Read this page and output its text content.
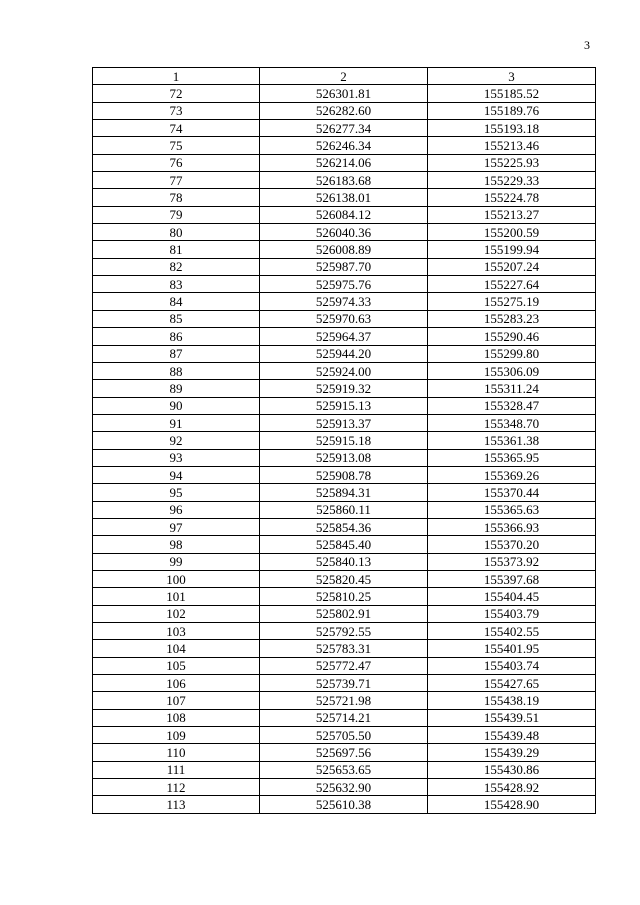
3
1	2	3
72	526301.81	155185.52
73	526282.60	155189.76
74	526277.34	155193.18
75	526246.34	155213.46
76	526214.06	155225.93
77	526183.68	155229.33
78	526138.01	155224.78
79	526084.12	155213.27
80	526040.36	155200.59
81	526008.89	155199.94
82	525987.70	155207.24
83	525975.76	155227.64
84	525974.33	155275.19
85	525970.63	155283.23
86	525964.37	155290.46
87	525944.20	155299.80
88	525924.00	155306.09
89	525919.32	155311.24
90	525915.13	155328.47
91	525913.37	155348.70
92	525915.18	155361.38
93	525913.08	155365.95
94	525908.78	155369.26
95	525894.31	155370.44
96	525860.11	155365.63
97	525854.36	155366.93
98	525845.40	155370.20
99	525840.13	155373.92
100	525820.45	155397.68
101	525810.25	155404.45
102	525802.91	155403.79
103	525792.55	155402.55
104	525783.31	155401.95
105	525772.47	155403.74
106	525739.71	155427.65
107	525721.98	155438.19
108	525714.21	155439.51
109	525705.50	155439.48
110	525697.56	155439.29
111	525653.65	155430.86
112	525632.90	155428.92
113	525610.38	155428.90
